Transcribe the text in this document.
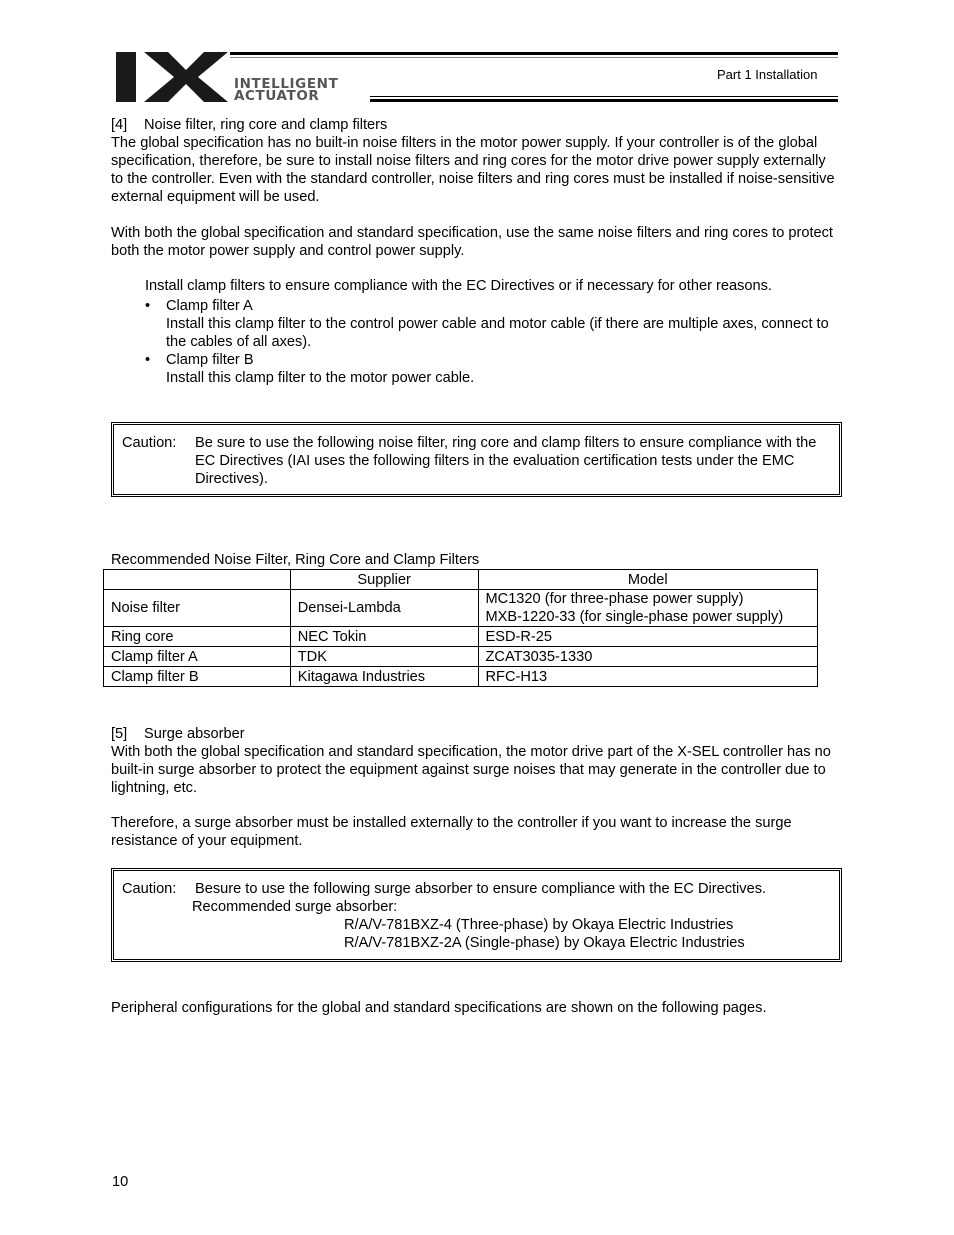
INTELLIGENT
ACTUATOR
Part 1 Installation
[4] Noise filter, ring core and clamp filters
The global specification has no built-in noise filters in the motor power supply. If your controller is of the global specification, therefore, be sure to install noise filters and ring cores for the motor drive power supply externally to the controller. Even with the standard controller, noise filters and ring cores must be installed if noise-sensitive external equipment will be used.
With both the global specification and standard specification, use the same noise filters and ring cores to protect both the motor power supply and control power supply.
Install clamp filters to ensure compliance with the EC Directives or if necessary for other reasons.
• Clamp filter A
Install this clamp filter to the control power cable and motor cable (if there are multiple axes, connect to the cables of all axes).
• Clamp filter B
Install this clamp filter to the motor power cable.
Caution: Be sure to use the following noise filter, ring core and clamp filters to ensure compliance with the EC Directives (IAI uses the following filters in the evaluation certification tests under the EMC Directives).
Recommended Noise Filter, Ring Core and Clamp Filters
	Supplier	Model
Noise filter	Densei-Lambda	MC1320 (for three-phase power supply)
MXB-1220-33 (for single-phase power supply)

Ring core	NEC Tokin	ESD-R-25
Clamp filter A	TDK	ZCAT3035-1330
Clamp filter B	Kitagawa Industries	RFC-H13
[5] Surge absorber
With both the global specification and standard specification, the motor drive part of the X-SEL controller has no built-in surge absorber to protect the equipment against surge noises that may generate in the controller due to lightning, etc.
Therefore, a surge absorber must be installed externally to the controller if you want to increase the surge resistance of your equipment.
Caution: Besure to use the following surge absorber to ensure compliance with the EC Directives.
Recommended surge absorber:
R/A/V-781BXZ-4 (Three-phase) by Okaya Electric Industries
R/A/V-781BXZ-2A (Single-phase) by Okaya Electric Industries
Peripheral configurations for the global and standard specifications are shown on the following pages.
10
